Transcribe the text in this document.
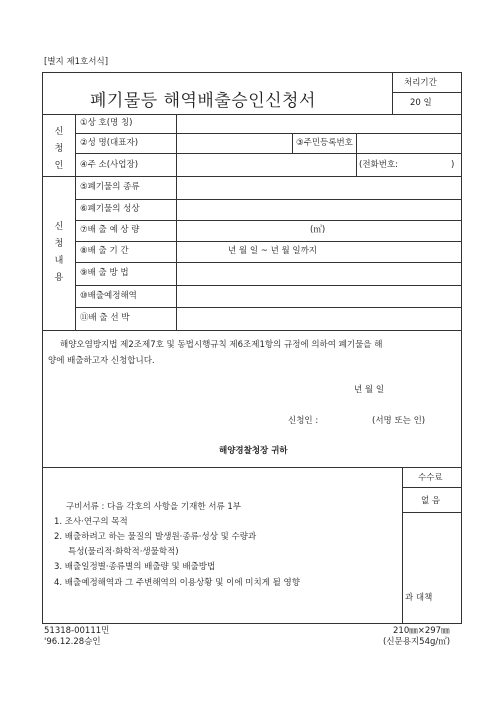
[별지 제1호서식]
폐기물등 해역배출승인신청서
처리기간
20 일
신
청
인
①상 호(명 칭)
②성 명(대표자)	③주민등록번호
④주 소(사업장)	(전화번호:	)
신
청
내
용
⑤폐기물의 종류
⑥폐기물의 성상
⑦배 출 예 상 량	(㎥)
⑧배 출 기 간	년 월 일 ~ 년 월 일까지
⑨배 출 방 법
⑩배출예정해역
⑪배 출 선 박
해양오염방지법 제2조제7호 및 동법시행규칙 제6조제1항의 규정에 의하여 폐기물을 해
양에 배출하고자 신청합니다.
년 월 일
신청인 :	(서명 또는 인)
해양경찰청장 귀하
수수료
없 음
과 대책
구비서류 : 다음 각호의 사항을 기재한 서류 1부
1. 조사·연구의 목적
2. 배출하려고 하는 물질의 발생원·종류·성상 및 수량과
특성(물리적·화학적·생물학적)
3. 배출일정별·종류별의 배출량 및 배출방법
4. 배출예정해역과 그 주변해역의 이용상황 및 이에 미치게 될 영향
51318-00111민
'96.12.28승인
210㎜×297㎜
(신문용지54g/㎡)
